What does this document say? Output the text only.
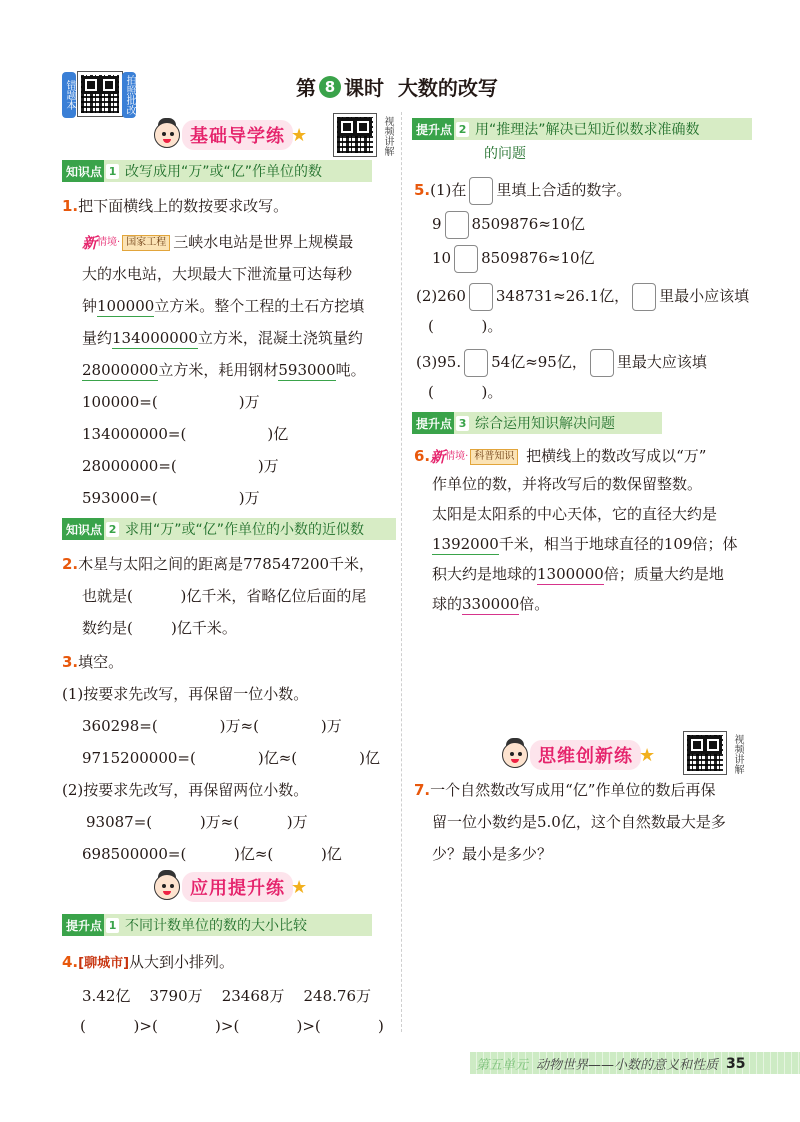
错题本	拍照批改	第 8 课时  大数的改写
基础导学练 ★	视频讲解
知识点 1 改写成用“万”或“亿”作单位的数
1.把下面横线上的数按要求改写。
新 情境· 国家工程 三峡水电站是世界上规模最
大的水电站，大坝最大下泄流量可达每秒
钟100000立方米。整个工程的土石方挖填
量约134000000立方米，混凝土浇筑量约
28000000立方米，耗用钢材593000吨。
100000=(                 )万
134000000=(                 )亿
28000000=(                 )万
593000=(                 )万
知识点 2 求用“万”或“亿”作单位的小数的近似数
2.木星与太阳之间的距离是778547200千米，
也就是(          )亿千米，省略亿位后面的尾
数约是(        )亿千米。
3.填空。
(1)按要求先改写，再保留一位小数。
360298=(             )万≈(             )万
9715200000=(             )亿≈(             )亿
(2)按要求先改写，再保留两位小数。
93087=(          )万≈(          )万
698500000=(          )亿≈(          )亿
应用提升练 ★
提升点 1 不同计数单位的数的大小比较
4.[聊城市]从大到小排列。
3.42亿    3790万    23468万    248.76万
(          )>(            )>(            )>(            )
提升点 2 用“推理法”解决已知近似数求准确数
的问题
5.(1)在 里填上合适的数字。
9 8509876≈10亿
10 8509876≈10亿
(2)260 348731≈26.1亿， 里最小应该填
(          )。
(3)95. 54亿≈95亿， 里最大应该填
(          )。
提升点 3 综合运用知识解决问题
6. 新 情境· 科普知识 把横线上的数改写成以“万”
作单位的数，并将改写后的数保留整数。
太阳是太阳系的中心天体，它的直径大约是
1392000千米，相当于地球直径的109倍；体
积大约是地球的1300000倍；质量大约是地
球的330000倍。
思维创新练 ★	视频讲解
7.一个自然数改写成用“亿”作单位的数后再保
留一位小数约是5.0亿，这个自然数最大是多
少？最小是多少？
第五单元 动物世界——小数的意义和性质 35
